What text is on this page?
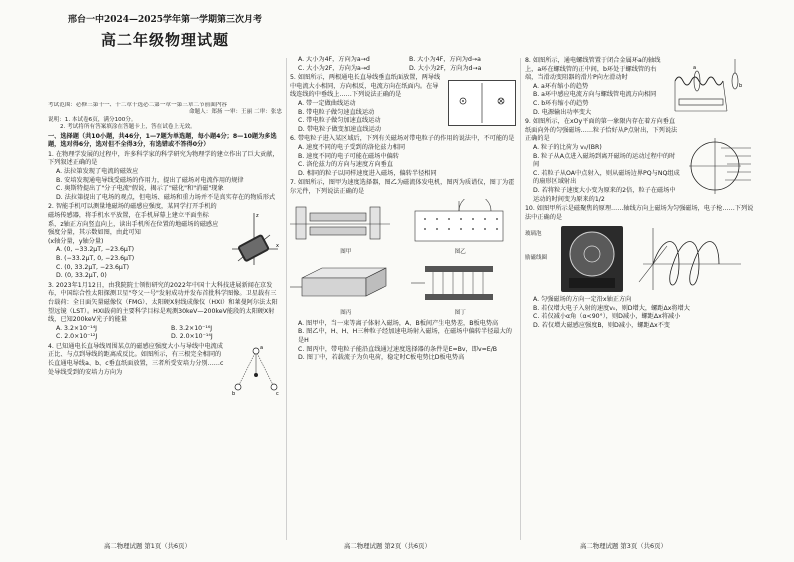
邢台一中2024—2025学年第一学期第三次月考
高二年级物理试题
考试范围：必修三第十一、十二章十选必二第一章一第三章二节前面内容
命题人：郑扬 一审：王丽 二审：张忠
说明：1. 本试卷6页，满分100分。
2. 考试将所有答案填涂在答题卡上，答在试卷上无效。
一、选择题（共10小题，共46分，1—7题为单选题，每小题4分；8—10题为多选题，选对得6分，选对但不全得3分，有选错或不答得0分）
1. 在物理学发展的过程中，许多科学家的科学研究为物理学的建立作出了巨大贡献，下列叙述正确的是
A. 法拉第发现了电流的磁效应
B. 安培发现通电导线受磁场的作用力，提出了磁场对电流作用的规律
C. 奥斯特提出了"分子电流"假说，揭示了"磁化"和"消磁"现象
D. 法拉第提出了电场的观点，但电场、磁场和重力场并不是真实存在的物质形式
2. 智能手机可以测量地磁场的磁感应强度，某同学打开手机的磁场传感器，将手机水平放置，在手机屏幕上建立平面坐标系，z轴正方向竖直向上，读出手机所在位置的地磁场的磁感应强度分量，其示数如图，由此可知
(x轴分量，y轴分量)
A. (0, −33.2μT, −23.6μT)
B. (−33.2μT, 0, −23.6μT)
C. (0, 33.2μT, −23.6μT)
D. (0, 33.2μT, 0)
x
z
3. 2023年1月12日，由我院院士领衔研究的2022年中国十大科技进展新闻在京发布，中国综合性太阳探测卫星"夸父一号"发射成功并发布首批科学图像。卫星载有三台载荷：全日面矢量磁像仪（FMG）、太阳硬X射线成像仪（HXI）和莱曼阿尔法太阳望远镜（LST）。HXI载荷的主要科学目标是观测30keV—200keV能段的太阳硬X射线，已知200keV光子的能量
A. 3.2×10⁻¹⁴J	B. 3.2×10⁻¹⁶J
C. 2.0×10⁻¹²J	D. 2.0×10⁻¹⁴J
4. 已知通电长直导线周围某点的磁感应强度大小与导线中电流成正比、与点到导线的距离成反比。如图所示，有三根完全相同的长直通电导线a、b、c垂直纸面放置，三者所受安培力分别……c处导线受到的安培力方向为
a
b	c
A. 大小为4F，方向为a→d	B. 大小为4F，方向为d→a
C. 大小为2F，方向为a→d	D. 大小为2F，方向为d→a
5. 如图所示，两根通电长直导线垂直纸面放置，两导线中电流大小相同，方向相反，电流方向在纸面内。在导线连线的中垂线上……下列说法正确的是
A. 带一定做曲线运动
B. 带电粒子做匀速直线运动
C. 带电粒子做匀加速直线运动
D. 带电粒子做变加速直线运动
6. 带电粒子进入某区域后，下列有关磁场对带电粒子的作用的说法中，不可能的是
A. 速度不同的电子受到的洛伦兹力相同
B. 速度不同的电子可能在磁场中偏转
C. 洛伦兹力的方向与速度方向垂直
D. 相同的粒子以同样速度进入磁场，偏转半径相同
7. 如图所示，图甲为速度选择器，图乙为磁流体发电机，图丙为质谱仪，图丁为霍尔元件，下列说法正确的是
图甲	图乙
图丙	图丁
A. 图甲中，当一束等离子体射入磁场，A、B板间产生电势差，B板电势高
B. 图乙中，H、H、H三种粒子经加速电场射入磁场，在磁场中偏转半径最大的是H
C. 图丙中，带电粒子能沿直线通过速度选择器的条件是E=Bv，即v=E/B
D. 图丁中，若载流子为负电荷，稳定时C板电势比D板电势高
8. 如图所示，通电螺线管置于闭合金属环a的轴线上，a环在螺线管的正中间，b环处于螺线管的右端，当滑动变阻器的滑片P向左滑动时
A. a环有缩小的趋势
B. a环中感应电流方向与螺线管电流方向相同
C. b环有缩小的趋势
D. 电源输出功率变大
a
b
9. 如图所示，在xOy平面的第一象限内存在着方向垂直纸面向外的匀强磁场……粒子恰好从P点射出，下列说法正确的是
A. 粒子的比荷为 v₀/(BR)
B. 粒子从A点进入磁场到离开磁场的运动过程中的时间
C. 若粒子从OA中点射入，则从磁场边界PQ与NQ组成的扇形区域射出
D. 若将粒子速度大小变为原来的2倍，粒子在磁场中运动的时间变为原来的1/2
10. 如图甲所示是磁聚焦的原理……轴线方向上磁场为匀强磁场，电子枪……下列说法中正确的是
玻璃泡
励磁线圈
A. 匀强磁场的方向一定沿x轴正方向
B. 若仅增大电子入射的速度v₀，则D增大，螺距Δx将增大
C. 若仅减小α角（α<90°），则D减小，螺距Δx将减小
D. 若仅增大磁感应强度B，则D减小，螺距Δx不变
高二物理试题 第1页（共6页）	高二物理试题 第2页（共6页）	高二物理试题 第3页（共6页）
